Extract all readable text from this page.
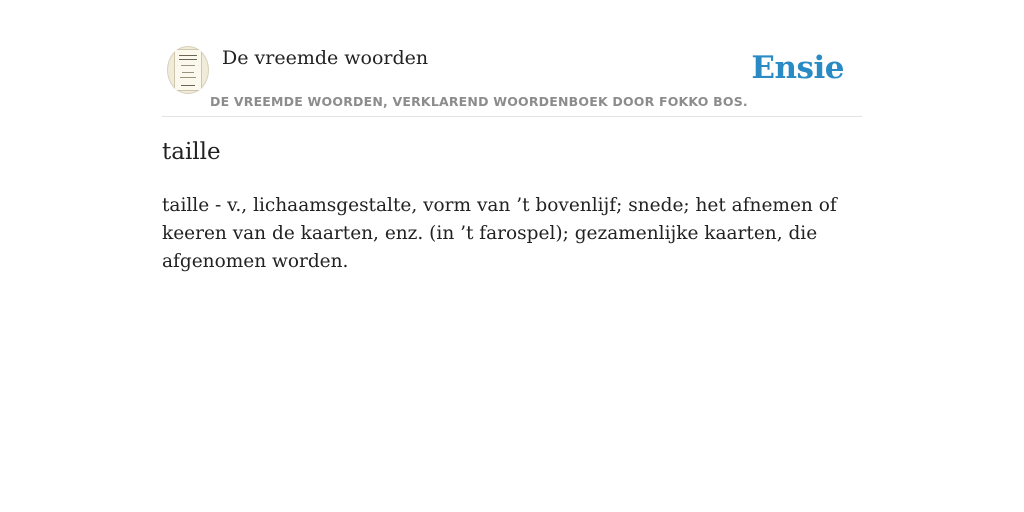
De vreemde woorden
DE VREEMDE WOORDEN, VERKLAREND WOORDENBOEK DOOR FOKKO BOS.
Ensie
taille

taille - v., lichaamsgestalte, vorm van ’t bovenlijf; snede; het afnemen of keeren van de kaarten, enz. (in ’t farospel); gezamenlijke kaarten, die afgenomen worden.
